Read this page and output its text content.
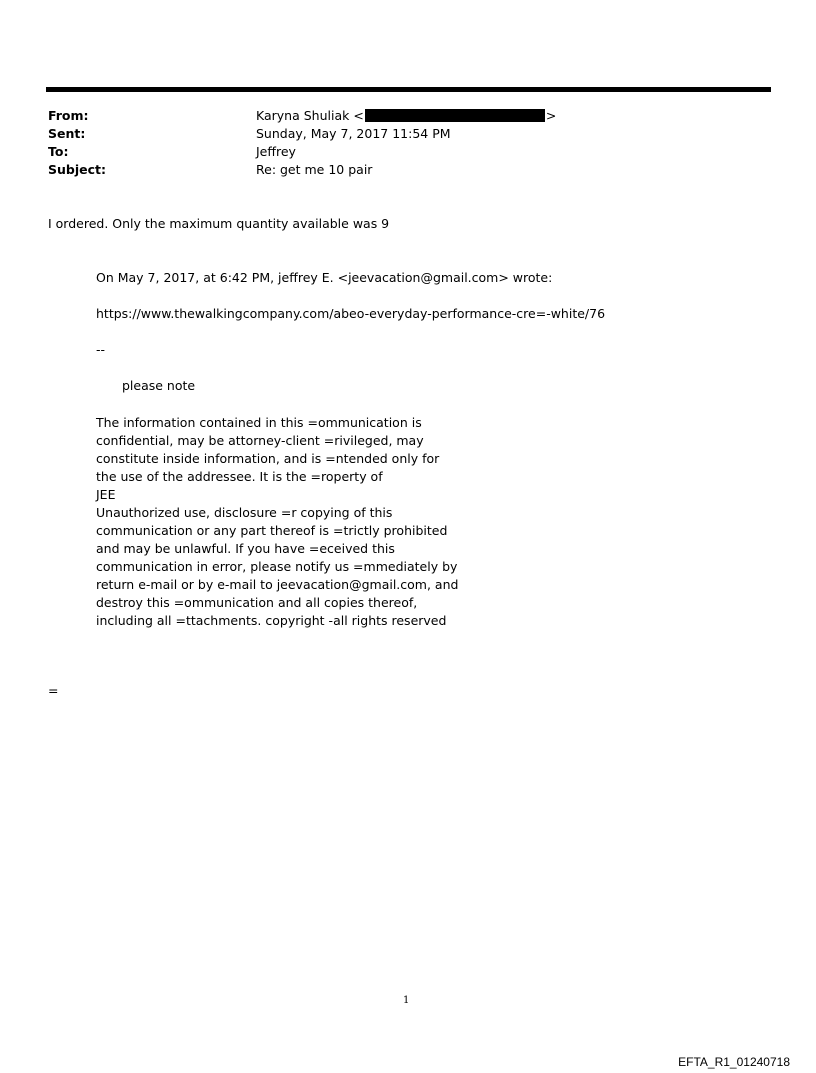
From:	Karyna Shuliak <	>
Sent:	Sunday, May 7, 2017 11:54 PM
To:	Jeffrey
Subject:	Re: get me 10 pair
I ordered. Only the maximum quantity available was 9
On May 7, 2017, at 6:42 PM, jeffrey E. <jeevacation@gmail.com> wrote:
https://www.thewalkingcompany.com/abeo-everyday-performance-cre=-white/76
--
please note
The information contained in this =ommunication is
confidential, may be attorney-client =rivileged, may
constitute inside information, and is =ntended only for
the use of the addressee. It is the =roperty of
JEE
Unauthorized use, disclosure =r copying of this
communication or any part thereof is =trictly prohibited
and may be unlawful. If you have =eceived this
communication in error, please notify us =mmediately by
return e-mail or by e-mail to jeevacation@gmail.com, and
destroy this =ommunication and all copies thereof,
including all =ttachments. copyright -all rights reserved
=
1
EFTA_R1_01240718
